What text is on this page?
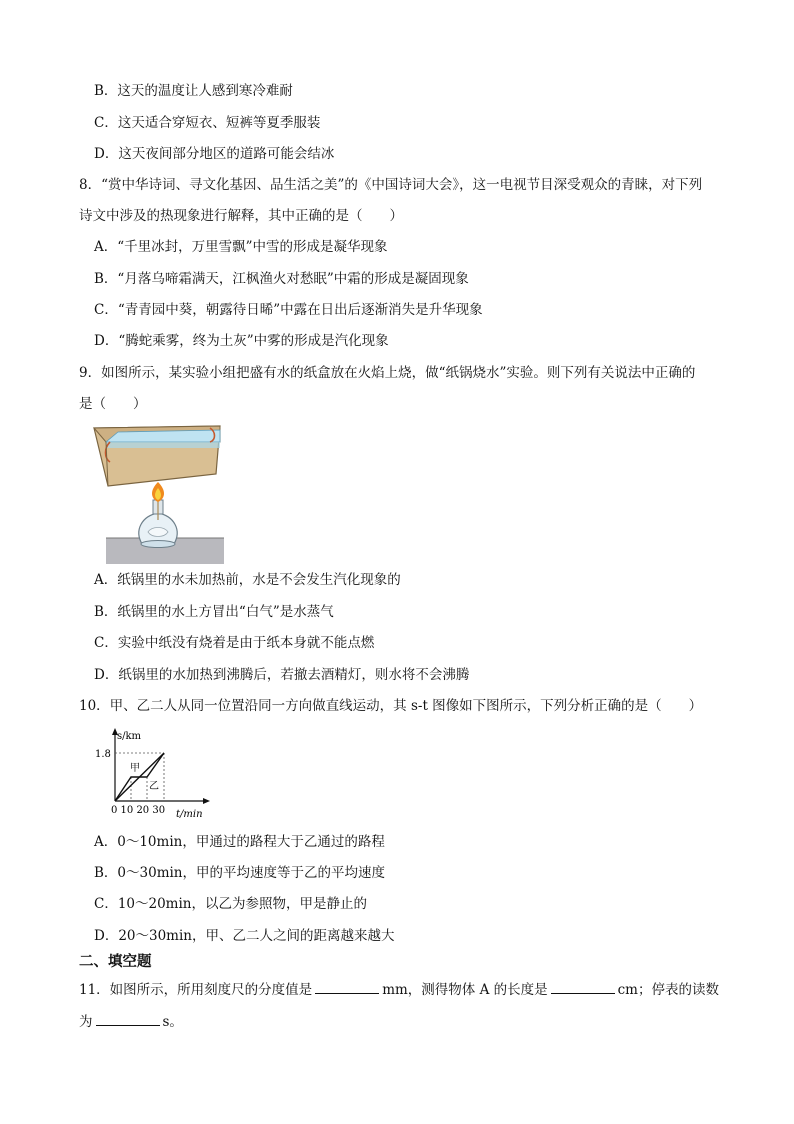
B．这天的温度让人感到寒冷难耐
C．这天适合穿短衣、短裤等夏季服装
D．这天夜间部分地区的道路可能会结冰
8．“赏中华诗词、寻文化基因、品生活之美”的《中国诗词大会》，这一电视节目深受观众的青睐，对下列
诗文中涉及的热现象进行解释，其中正确的是（　　）
A．“千里冰封，万里雪飘”中雪的形成是凝华现象
B．“月落乌啼霜满天，江枫渔火对愁眠”中霜的形成是凝固现象
C．“青青园中葵，朝露待日晞”中露在日出后逐渐消失是升华现象
D．“腾蛇乘雾，终为土灰”中雾的形成是汽化现象
9．如图所示，某实验小组把盛有水的纸盒放在火焰上烧，做“纸锅烧水”实验。则下列有关说法中正确的
是（　　）
A．纸锅里的水未加热前，水是不会发生汽化现象的
B．纸锅里的水上方冒出“白气”是水蒸气
C．实验中纸没有烧着是由于纸本身就不能点燃
D．纸锅里的水加热到沸腾后，若撤去酒精灯，则水将不会沸腾
10．甲、乙二人从同一位置沿同一方向做直线运动，其 s-t 图像如下图所示，下列分析正确的是（　　）
s/km
1.8
0 10 20 30 t/min
甲
乙
A．0～10min，甲通过的路程大于乙通过的路程
B．0～30min，甲的平均速度等于乙的平均速度
C．10～20min，以乙为参照物，甲是静止的
D．20～30min，甲、乙二人之间的距离越来越大
二、填空题
11．如图所示，所用刻度尺的分度值是	mm，测得物体 A 的长度是	cm；停表的读数
为	s。
